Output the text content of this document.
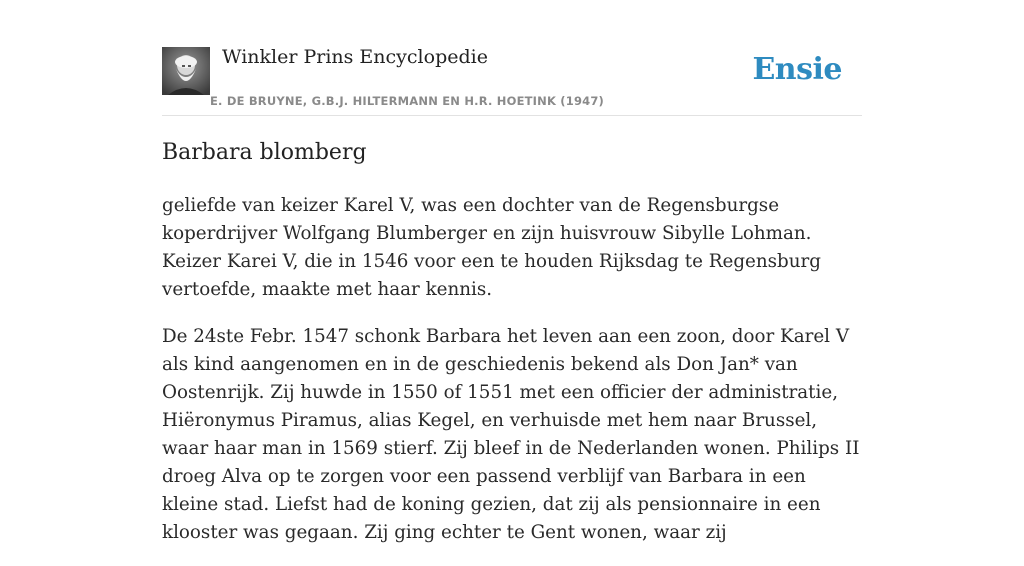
Winkler Prins Encyclopedie
E. DE BRUYNE, G.B.J. HILTERMANN EN H.R. HOETINK (1947)
Ensie
Barbara blomberg

geliefde van keizer Karel V, was een dochter van de Regensburgse koperdrijver Wolfgang Blumberger en zijn huisvrouw Sibylle Lohman. Keizer Karei V, die in 1546 voor een te houden Rijksdag te Regensburg vertoefde, maakte met haar kennis.

De 24ste Febr. 1547 schonk Barbara het leven aan een zoon, door Karel V als kind aangenomen en in de geschiedenis bekend als Don Jan* van Oostenrijk. Zij huwde in 1550 of 1551 met een officier der administratie, Hiëronymus Piramus, alias Kegel, en verhuisde met hem naar Brussel, waar haar man in 1569 stierf. Zij bleef in de Nederlanden wonen. Philips II droeg Alva op te zorgen voor een passend verblijf van Barbara in een kleine stad. Liefst had de koning gezien, dat zij als pensionnaire in een klooster was gegaan. Zij ging echter te Gent wonen, waar zij
